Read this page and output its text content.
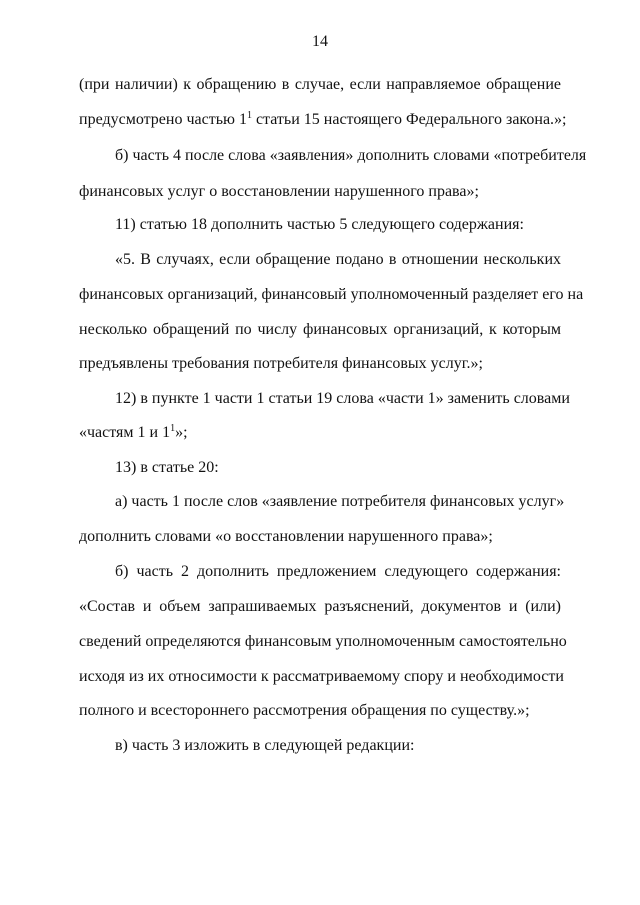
14
(при наличии) к обращению в случае, если направляемое обращение
предусмотрено частью $1^1$ статьи 15 настоящего Федерального закона.»;
б) часть 4 после слова «заявления» дополнить словами «потребителя
финансовых услуг о восстановлении нарушенного права»;
11) статью 18 дополнить частью 5 следующего содержания:
«5. В случаях, если обращение подано в отношении нескольких
финансовых организаций, финансовый уполномоченный разделяет его на
несколько обращений по числу финансовых организаций, к которым
предъявлены требования потребителя финансовых услуг.»;
12) в пункте 1 части 1 статьи 19 слова «части 1» заменить словами
«частям 1 и $1^1$»;
13) в статье 20:
а) часть 1 после слов «заявление потребителя финансовых услуг»
дополнить словами «о восстановлении нарушенного права»;
б) часть 2 дополнить предложением следующего содержания:
«Состав и объем запрашиваемых разъяснений, документов и (или)
сведений определяются финансовым уполномоченным самостоятельно
исходя из их относимости к рассматриваемому спору и необходимости
полного и всестороннего рассмотрения обращения по существу.»;
в) часть 3 изложить в следующей редакции:
